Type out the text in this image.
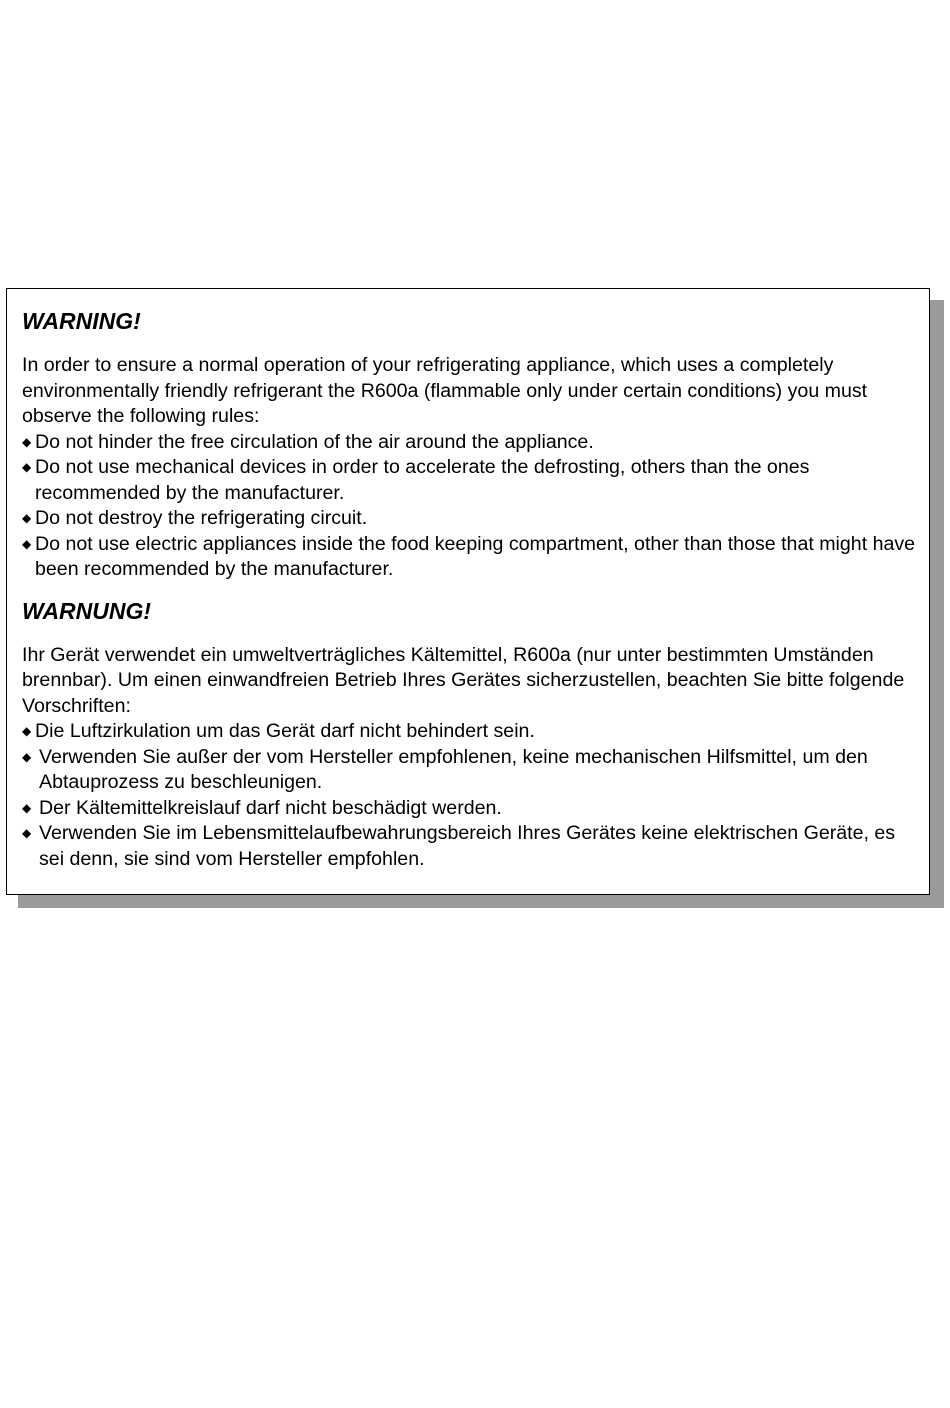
WARNING!

In order to ensure a normal operation of your refrigerating appliance, which uses a completely environmentally friendly refrigerant the R600a (flammable only under certain conditions) you must observe the following rules:

◆ Do not hinder the free circulation of the air around the appliance.
◆ Do not use mechanical devices in order to accelerate the defrosting, others than the ones recommended by the manufacturer.
◆ Do not destroy the refrigerating circuit.
◆ Do not use electric appliances inside the food keeping compartment, other than those that might have been recommended by the manufacturer.
WARNUNG!

Ihr Gerät verwendet ein umweltverträgliches Kältemittel, R600a (nur unter bestimmten Umständen brennbar). Um einen einwandfreien Betrieb Ihres Gerätes sicherzustellen, beachten Sie bitte folgende Vorschriften:

◆ Die Luftzirkulation um das Gerät darf nicht behindert sein.
◆ Verwenden Sie außer der vom Hersteller empfohlenen, keine mechanischen Hilfsmittel, um den Abtauprozess zu beschleunigen.
◆ Der Kältemittelkreislauf darf nicht beschädigt werden.
◆ Verwenden Sie im Lebensmittelaufbewahrungsbereich Ihres Gerätes keine elektrischen Geräte, es sei denn, sie sind vom Hersteller empfohlen.
